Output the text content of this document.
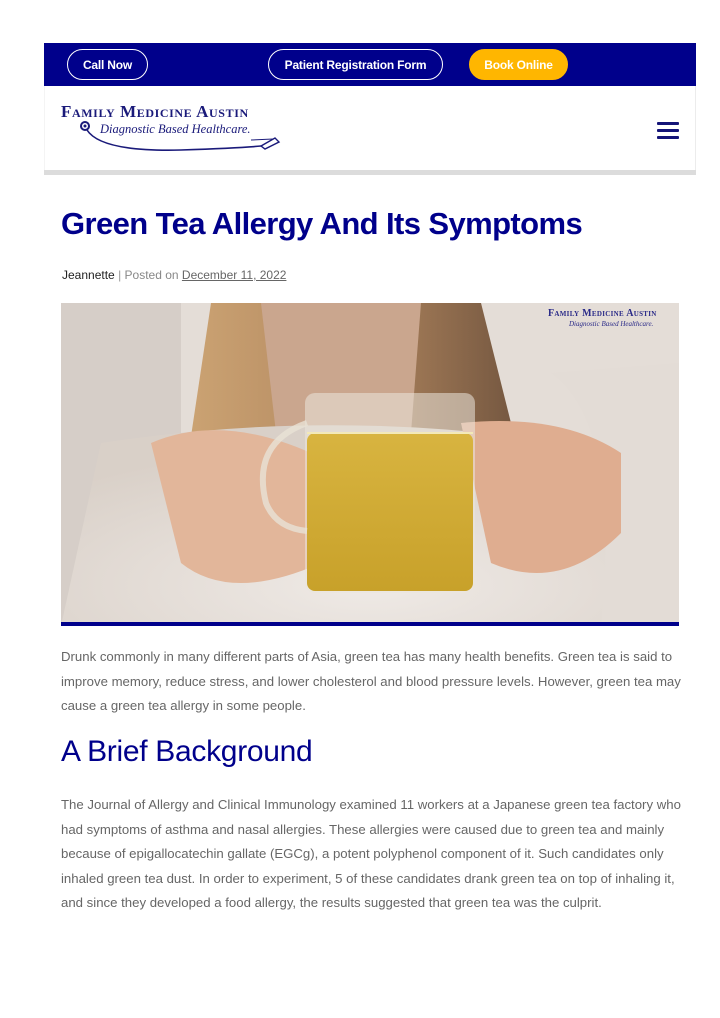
Call Now	Patient Registration Form	Book Online
Family Medicine Austin
Diagnostic Based Healthcare.
Green Tea Allergy And Its Symptoms
Jeannette | Posted on December 11, 2022
Family Medicine Austin
Diagnostic Based Healthcare.

Drunk commonly in many different parts of Asia, green tea has many health benefits. Green tea is said to improve memory, reduce stress, and lower cholesterol and blood pressure levels. However, green tea may cause a green tea allergy in some people.

A Brief Background

The Journal of Allergy and Clinical Immunology examined 11 workers at a Japanese green tea factory who had symptoms of asthma and nasal allergies. These allergies were caused due to green tea and mainly because of epigallocatechin gallate (EGCg), a potent polyphenol component of it. Such candidates only inhaled green tea dust. In order to experiment, 5 of these candidates drank green tea on top of inhaling it, and since they developed a food allergy, the results suggested that green tea was the culprit.
